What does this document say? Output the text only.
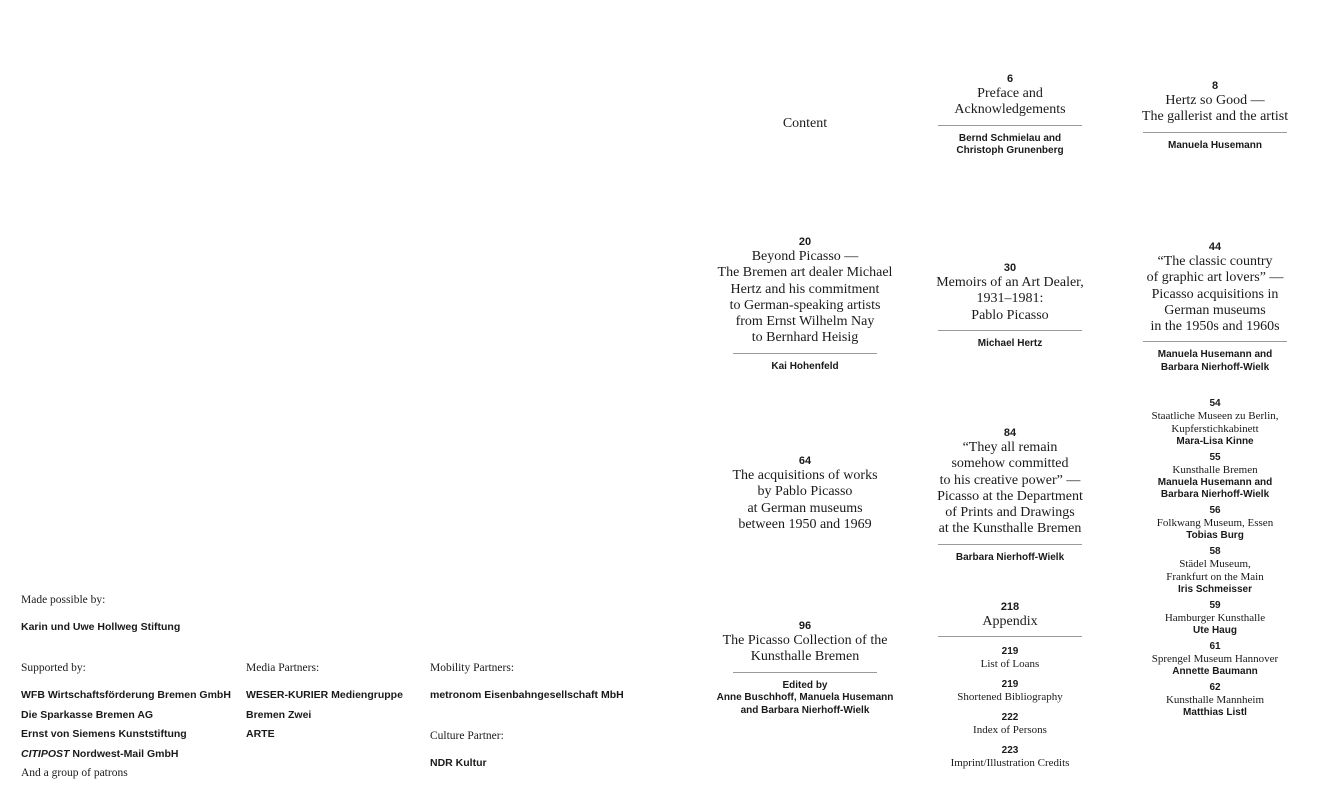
Made possible by:
Karin und Uwe Hollweg Stiftung
Supported by:
WFB Wirtschaftsförderung Bremen GmbH
Die Sparkasse Bremen AG
Ernst von Siemens Kunststiftung
CITIPOST Nordwest-Mail GmbH
And a group of patrons
Media Partners:
WESER-KURIER Mediengruppe
Bremen Zwei
ARTE
Mobility Partners:
metronom Eisenbahngesellschaft MbH
Culture Partner:
NDR Kultur
Content
20
Beyond Picasso —
The Bremen art dealer Michael
Hertz and his commitment
to German-speaking artists
from Ernst Wilhelm Nay
to Bernhard Heisig
Kai Hohenfeld
64
The acquisitions of works
by Pablo Picasso
at German museums
between 1950 and 1969
96
The Picasso Collection of the
Kunsthalle Bremen
Edited by
Anne Buschhoff, Manuela Husemann
and Barbara Nierhoff-Wielk
6
Preface and
Acknowledgements
Bernd Schmielau and
Christoph Grunenberg
30
Memoirs of an Art Dealer,
1931–1981:
Pablo Picasso
Michael Hertz
84
“They all remain
somehow committed
to his creative power” —
Picasso at the Department
of Prints and Drawings
at the Kunsthalle Bremen
Barbara Nierhoff-Wielk
218
Appendix
219
List of Loans
219
Shortened Bibliography
222
Index of Persons
223
Imprint/Illustration Credits
8
Hertz so Good —
The gallerist and the artist
Manuela Husemann
44
“The classic country
of graphic art lovers” —
Picasso acquisitions in
German museums
in the 1950s and 1960s
Manuela Husemann and
Barbara Nierhoff-Wielk
54
Staatliche Museen zu Berlin,
Kupferstichkabinett
Mara-Lisa Kinne
55
Kunsthalle Bremen
Manuela Husemann and
Barbara Nierhoff-Wielk
56
Folkwang Museum, Essen
Tobias Burg
58
Städel Museum,
Frankfurt on the Main
Iris Schmeisser
59
Hamburger Kunsthalle
Ute Haug
61
Sprengel Museum Hannover
Annette Baumann
62
Kunsthalle Mannheim
Matthias Listl
